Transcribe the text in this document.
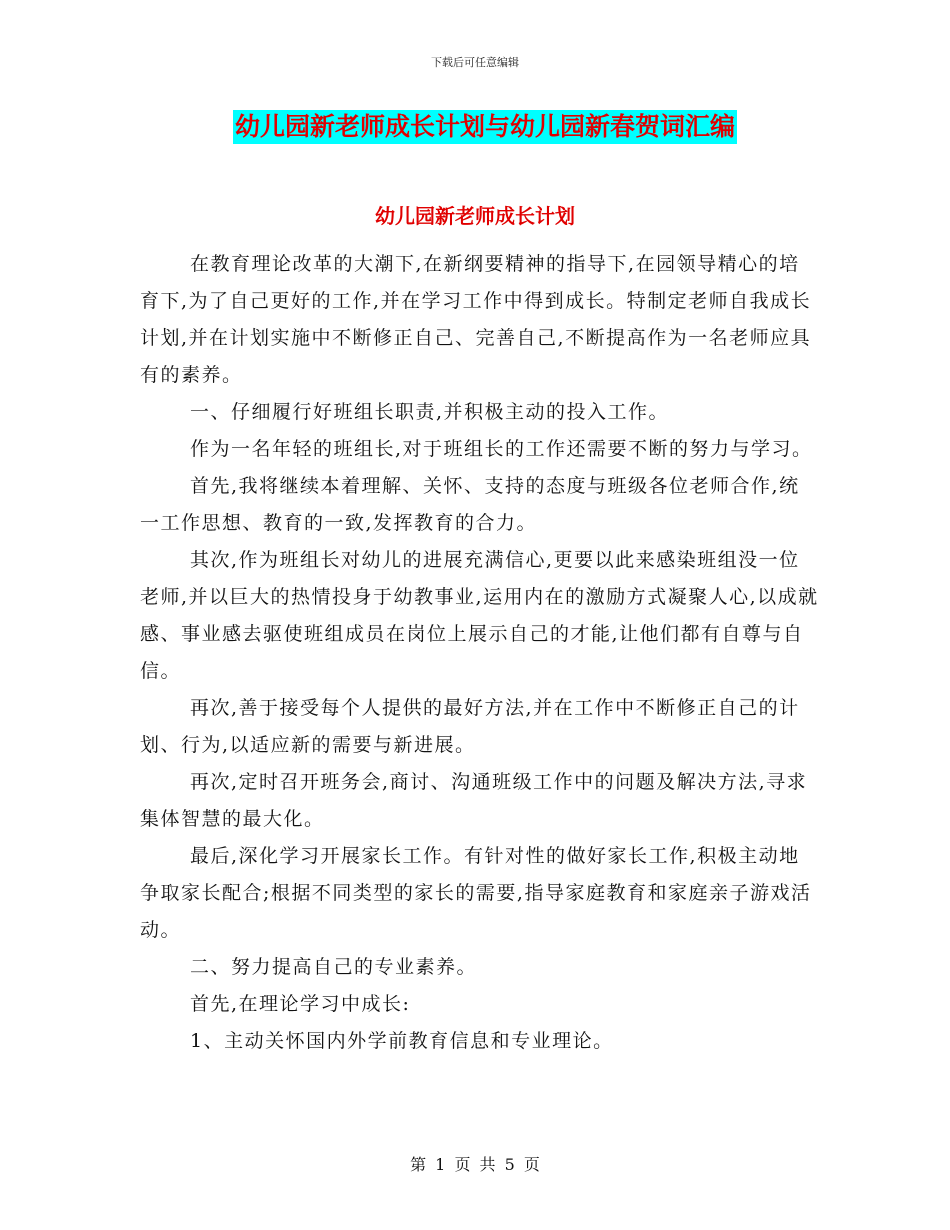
下载后可任意编辑
幼儿园新老师成长计划与幼儿园新春贺词汇编
幼儿园新老师成长计划

在教育理论改革的大潮下,在新纲要精神的指导下,在园领导精心的培育下,为了自己更好的工作,并在学习工作中得到成长。特制定老师自我成长计划,并在计划实施中不断修正自己、完善自己,不断提高作为一名老师应具有的素养。

一、仔细履行好班组长职责,并积极主动的投入工作。

作为一名年轻的班组长,对于班组长的工作还需要不断的努力与学习。

首先,我将继续本着理解、关怀、支持的态度与班级各位老师合作,统一工作思想、教育的一致,发挥教育的合力。

其次,作为班组长对幼儿的进展充满信心,更要以此来感染班组没一位老师,并以巨大的热情投身于幼教事业,运用内在的激励方式凝聚人心,以成就感、事业感去驱使班组成员在岗位上展示自己的才能,让他们都有自尊与自信。

再次,善于接受每个人提供的最好方法,并在工作中不断修正自己的计划、行为,以适应新的需要与新进展。

再次,定时召开班务会,商讨、沟通班级工作中的问题及解决方法,寻求集体智慧的最大化。

最后,深化学习开展家长工作。有针对性的做好家长工作,积极主动地争取家长配合;根据不同类型的家长的需要,指导家庭教育和家庭亲子游戏活动。

二、努力提高自己的专业素养。

首先,在理论学习中成长:

1、主动关怀国内外学前教育信息和专业理论。

第 1 页 共 5 页
